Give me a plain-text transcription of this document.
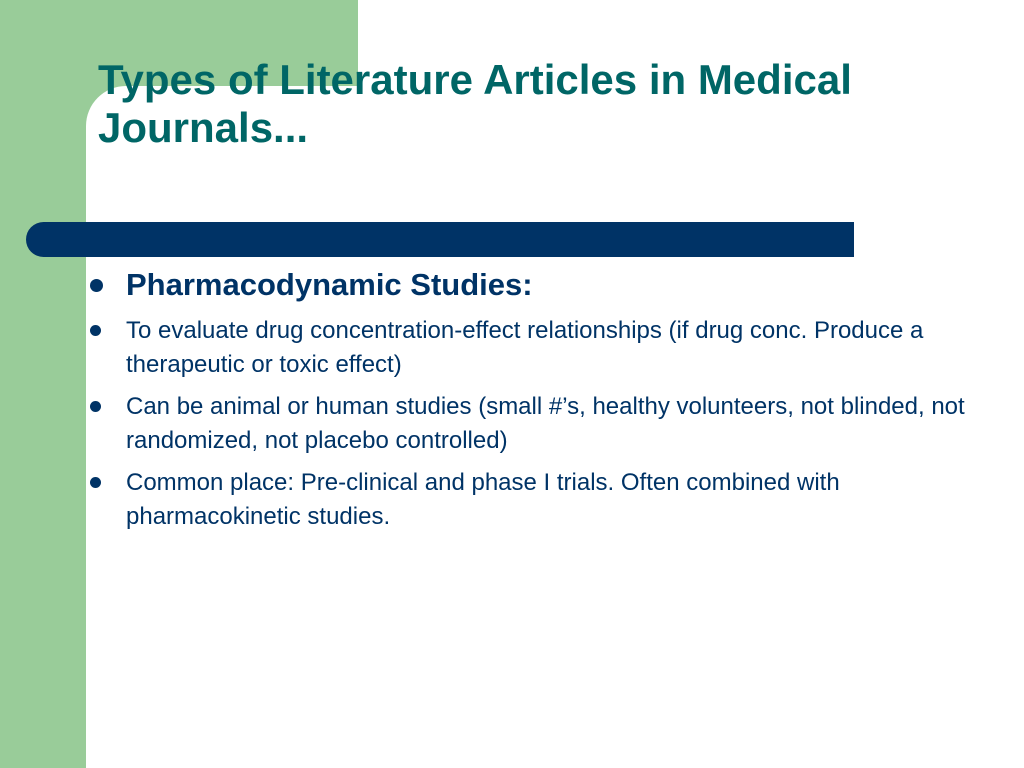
Types of Literature Articles in Medical Journals...
Pharmacodynamic Studies:
To evaluate drug concentration-effect relationships (if drug conc. Produce a therapeutic or toxic effect)
Can be animal or human studies (small #’s, healthy volunteers, not blinded, not randomized, not placebo controlled)
Common place: Pre-clinical and phase I trials. Often combined with pharmacokinetic studies.
